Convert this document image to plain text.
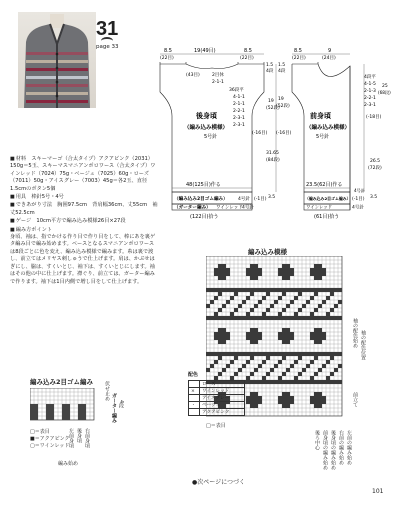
31
page 33

■ 材料　 スキーマーゴ（合太タイプ）アクアピンク（2031）150g＝5玉、スキーマスマニアンポロワース（合太タイプ）ワインレッド（7024）75g・ベージュ（7025）60g・ローズ（7011）50g・アイスグレー（7003）45g＝各2玉、直径1.5cmのボタン5個

■ 用具　 棒針5号・4号

■ できあがり寸法　 胸囲97.5cm　背肩幅36cm、丈55cm　袖丈52.5cm

■ ゲージ　 10cm平方で編み込み模様26目×27段

■ 編み方ポイント
身頃、袖は、指でかける作り目で作り目をして、棒にあを裏ゲタ編み目で編み始めます。ベースとなるスマニアンポロワースは8段ごとに色を変え、編み込み模様で編みます。糸は裏で渡し、前立てはメリヤス刺しゅうで仕上げます。肩は、かぶせはぎにし、脇は、すくいとじ、袖下は、すくいとじにします。袖はその他の中に仕上げます。襟ぐり、前立ては、ガーター編みで作ります。袖下は1目内側で増し目をして仕上げます。

8.5
(22目)
19(49目)	8.5
(22目)
(43目)	2目休
2-1-1
1.5
4段
36段平
4-1-1
2-1-1
2-2-1
2-3-1
2-3-1
(-16目)
19
(52段)
31.65
(84段)
後身頃
（編み込み模様）
5号針
48(125目)作る
（編み込み2目ゴム編み） 4号針 (-1目) 3.5
（ガーター編み） ワインレッド 4号針
(122目)拾う
8.5
(22目)
9
(24目)
1.5
4段
19
(52段)
(-16目)
4段平
4-1-5
2-1-3
2-2-1
2-3-1
25
(68段)
(-18目)
26.5
(72段)
前身頃
（編み込み模様）
5号針
23.5(62目)作る
（編み込み2目ゴム編み） (-1目) 3.5
ワインレッド	4号針
(61目)拾う
4号針
編み込み模様
袖の配色始め 袖の配色位置
前立て
□＝表目
後ろ中心 前身頃の編み始め 後身頃の編み始め 右前の編み始め 左前の編み始め
配色
	ローズ
×	ワインレッド
	アイスグレー
・	ベージュ
	アクアピンク
編み込み2目ゴム編み 伏せ止め
ガーター編み 4段
□＝表目
■＝アクアピンク
▢＝ワインレッド
左前身頃 後身頃 右前身頃
編み始め
●次ページにつづく
101
